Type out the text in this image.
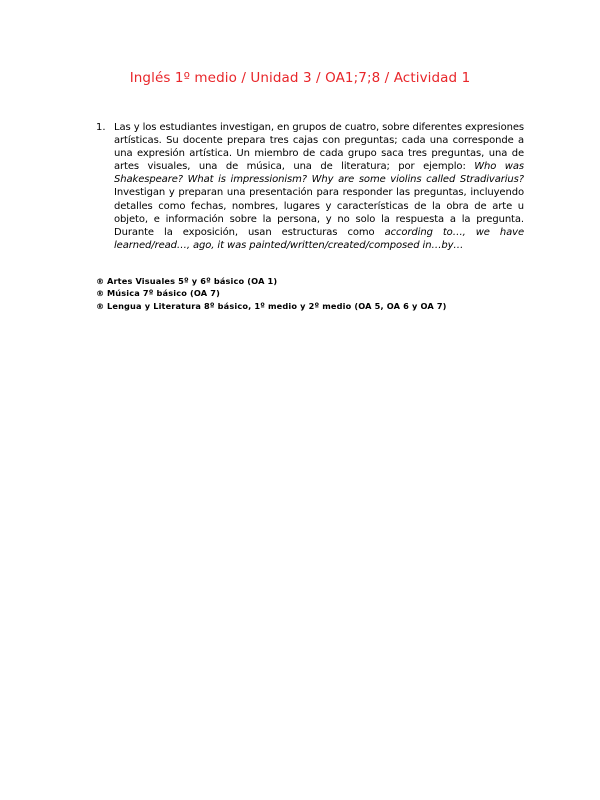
Inglés 1º medio / Unidad 3 / OA1;7;8 / Actividad 1
1. Las y los estudiantes investigan, en grupos de cuatro, sobre diferentes expresiones artísticas. Su docente prepara tres cajas con preguntas; cada una corresponde a una expresión artística. Un miembro de cada grupo saca tres preguntas, una de artes visuales, una de música, una de literatura; por ejemplo: Who was Shakespeare? What is impressionism? Why are some violins called Stradivarius? Investigan y preparan una presentación para responder las preguntas, incluyendo detalles como fechas, nombres, lugares y características de la obra de arte u objeto, e información sobre la persona, y no solo la respuesta a la pregunta. Durante la exposición, usan estructuras como according to…, we have learned/read…, ago, it was painted/written/created/composed in…by…
® Artes Visuales 5º y 6º básico (OA 1)
® Música 7º básico (OA 7)
® Lengua y Literatura 8º básico, 1º medio y 2º medio (OA 5, OA 6 y OA 7)
